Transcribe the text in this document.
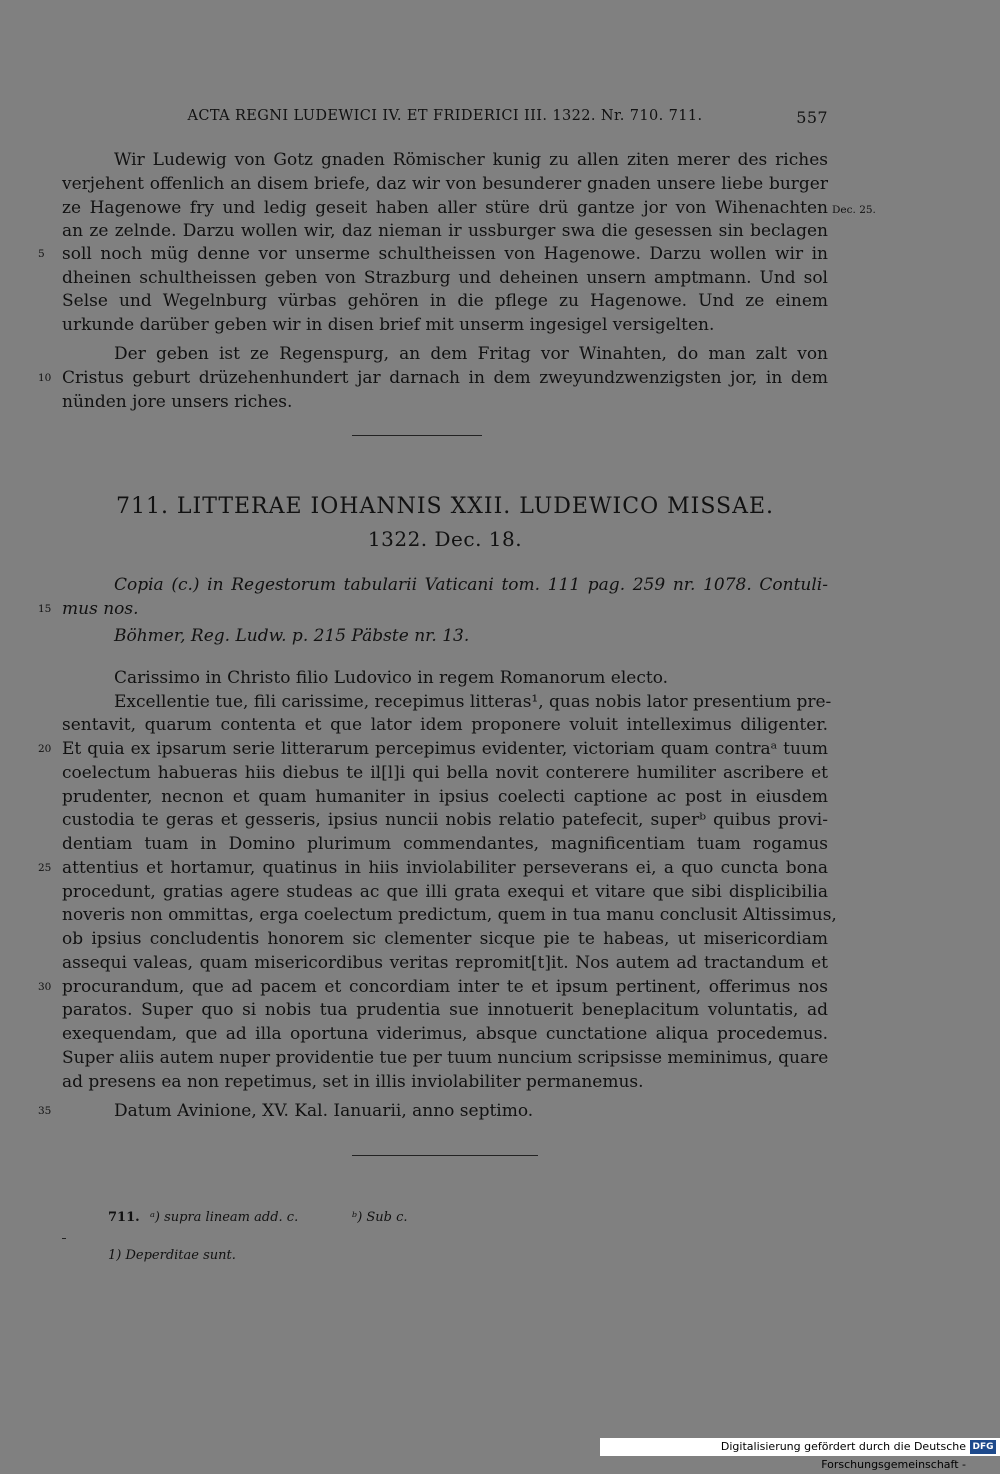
ACTA REGNI LUDEWICI IV. ET FRIDERICI III. 1322. Nr. 710. 711.	557
Wir Ludewig von Gotz gnaden Römischer kunig zu allen ziten merer des riches
verjehent offenlich an disem briefe, daz wir von besunderer gnaden unsere liebe burger
ze Hagenowe fry und ledig geseit haben aller stüre drü gantze jor von Wihenachten Dec. 25.
an ze zelnde. Darzu wollen wir, daz nieman ir ussburger swa die gesessen sin beclagen
5	soll noch müg denne vor unserme schultheissen von Hagenowe. Darzu wollen wir in
dheinen schultheissen geben von Strazburg und deheinen unsern amptmann. Und sol
Selse und Wegelnburg vürbas gehören in die pflege zu Hagenowe. Und ze einem
urkunde darüber geben wir in disen brief mit unserm ingesigel versigelten.
Der geben ist ze Regenspurg, an dem Fritag vor Winahten, do man zalt von
10 Cristus geburt drüzehenhundert jar darnach in dem zweyundzwenzigsten jor, in dem
nünden jore unsers riches.
711. LITTERAE IOHANNIS XXII. LUDEWICO MISSAE.
1322. Dec. 18.
Copia (c.) in Regestorum tabularii Vaticani tom. 111 pag. 259 nr. 1078. Contuli-
15 mus nos.
Böhmer, Reg. Ludw. p. 215 Päbste nr. 13.
Carissimo in Christo filio Ludovico in regem Romanorum electo.
Excellentie tue, fili carissime, recepimus litteras¹, quas nobis lator presentium pre-
sentavit, quarum contenta et que lator idem proponere voluit intelleximus diligenter.
20 Et quia ex ipsarum serie litterarum percepimus evidenter, victoriam quam contraᵃ tuum
coelectum habueras hiis diebus te il[l]i qui bella novit conterere humiliter ascribere et
prudenter, necnon et quam humaniter in ipsius coelecti captione ac post in eiusdem
custodia te geras et gesseris, ipsius nuncii nobis relatio patefecit, superᵇ quibus provi-
dentiam tuam in Domino plurimum commendantes, magnificentiam tuam rogamus
25 attentius et hortamur, quatinus in hiis inviolabiliter perseverans ei, a quo cuncta bona
procedunt, gratias agere studeas ac que illi grata exequi et vitare que sibi displicibilia
noveris non ommittas, erga coelectum predictum, quem in tua manu conclusit Altissimus,
ob ipsius concludentis honorem sic clementer sicque pie te habeas, ut misericordiam
assequi valeas, quam misericordibus veritas repromit[t]it. Nos autem ad tractandum et
30 procurandum, que ad pacem et concordiam inter te et ipsum pertinent, offerimus nos
paratos. Super quo si nobis tua prudentia sue innotuerit beneplacitum voluntatis, ad
exequendam, que ad illa oportuna viderimus, absque cunctatione aliqua procedemus.
Super aliis autem nuper providentie tue per tuum nuncium scripsisse meminimus, quare
ad presens ea non repetimus, set in illis inviolabiliter permanemus.
35	Datum Avinione, XV. Kal. Ianuarii, anno septimo.
711. ᵃ) supra lineam add. c.	ᵇ) Sub c.
1) Deperditae sunt.
Digitalisierung gefördert durch die Deutsche Forschungsgemeinschaft -
DFG
